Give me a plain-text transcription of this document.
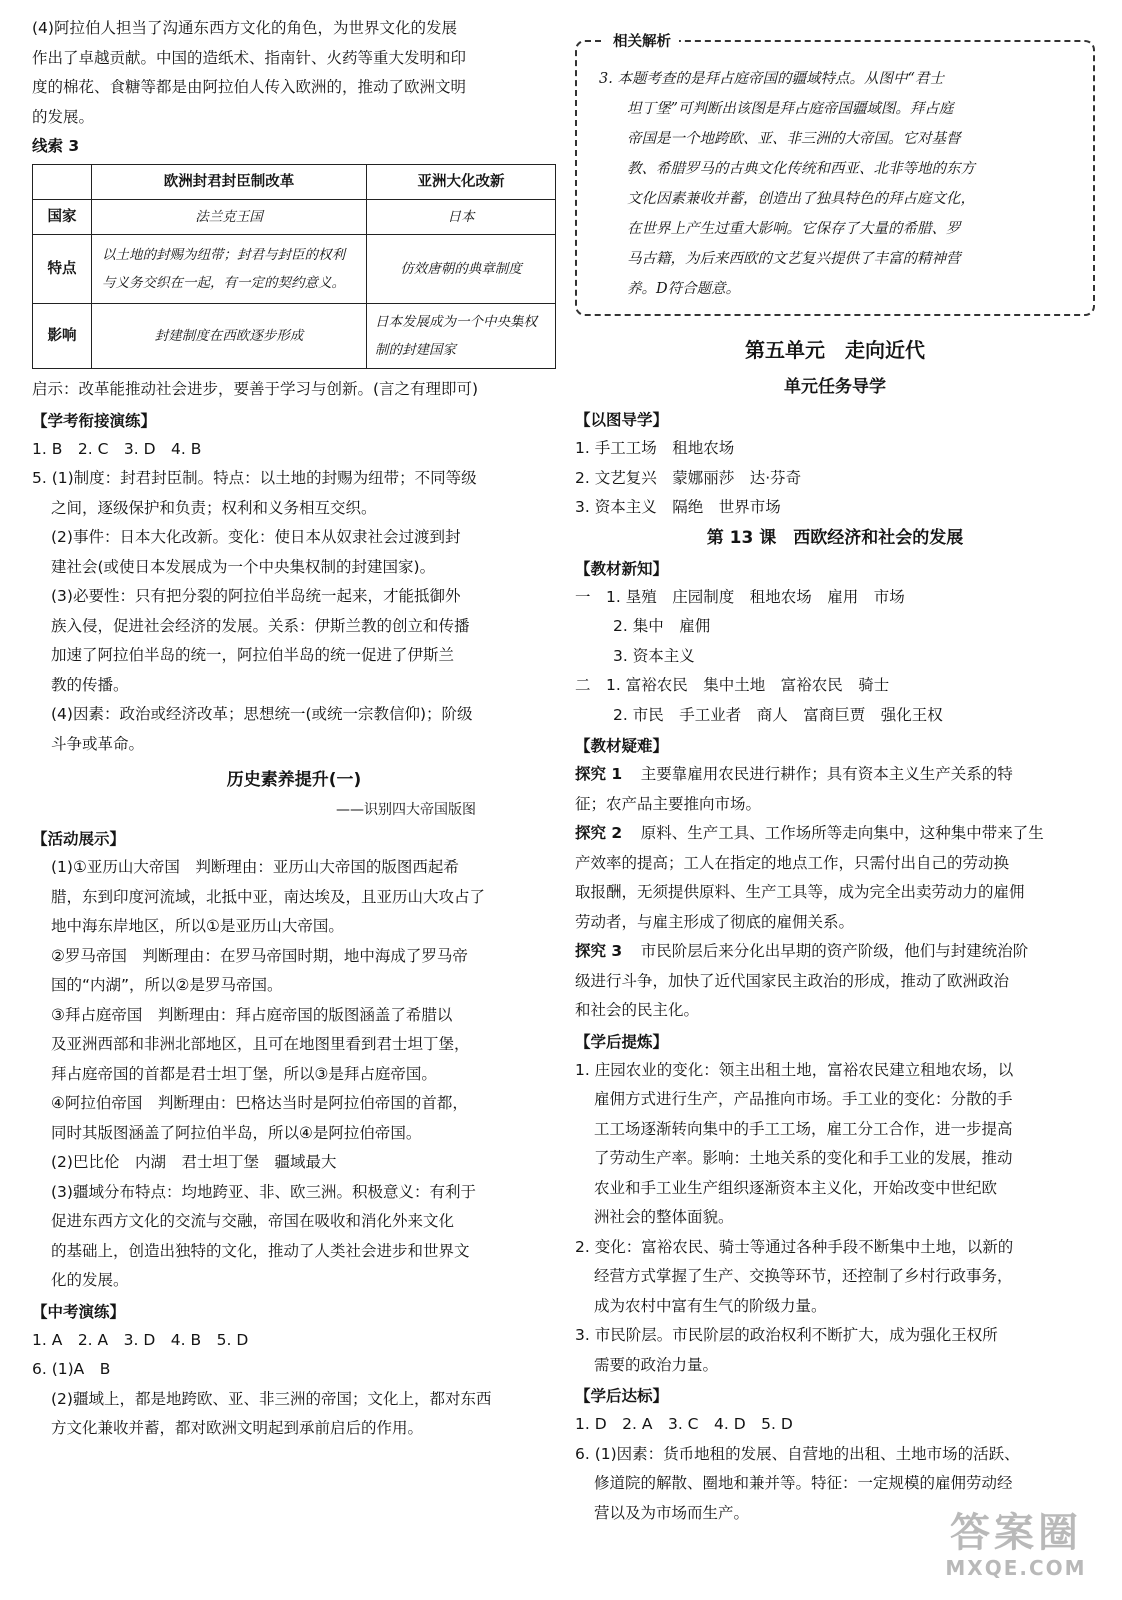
(4)阿拉伯人担当了沟通东西方文化的角色，为世界文化的发展

作出了卓越贡献。中国的造纸术、指南针、火药等重大发明和印

度的棉花、食糖等都是由阿拉伯人传入欧洲的，推动了欧洲文明

的发展。

线索 3

	欧洲封君封臣制改革	亚洲大化改新
国家	法兰克王国	日本
特点	以土地的封赐为纽带；封君与封臣的权利与义务交织在一起，有一定的契约意义。	仿效唐朝的典章制度
影响	封建制度在西欧逐步形成	日本发展成为一个中央集权制的封建国家

启示：改革能推动社会进步，要善于学习与创新。(言之有理即可)

【学考衔接演练】

1. B　2. C　3. D　4. B

5. (1)制度：封君封臣制。特点：以土地的封赐为纽带；不同等级

之间，逐级保护和负责；权利和义务相互交织。

(2)事件：日本大化改新。变化：使日本从奴隶社会过渡到封

建社会(或使日本发展成为一个中央集权制的封建国家)。

(3)必要性：只有把分裂的阿拉伯半岛统一起来，才能抵御外

族入侵，促进社会经济的发展。关系：伊斯兰教的创立和传播

加速了阿拉伯半岛的统一，阿拉伯半岛的统一促进了伊斯兰

教的传播。

(4)因素：政治或经济改革；思想统一(或统一宗教信仰)；阶级

斗争或革命。

历史素养提升(一)

——识别四大帝国版图

【活动展示】

(1)①亚历山大帝国　判断理由：亚历山大帝国的版图西起希

腊，东到印度河流域，北抵中亚，南达埃及，且亚历山大攻占了

地中海东岸地区，所以①是亚历山大帝国。

②罗马帝国　判断理由：在罗马帝国时期，地中海成了罗马帝

国的“内湖”，所以②是罗马帝国。

③拜占庭帝国　判断理由：拜占庭帝国的版图涵盖了希腊以

及亚洲西部和非洲北部地区，且可在地图里看到君士坦丁堡，

拜占庭帝国的首都是君士坦丁堡，所以③是拜占庭帝国。

④阿拉伯帝国　判断理由：巴格达当时是阿拉伯帝国的首都，

同时其版图涵盖了阿拉伯半岛，所以④是阿拉伯帝国。

(2)巴比伦　内湖　君士坦丁堡　疆域最大

(3)疆域分布特点：均地跨亚、非、欧三洲。积极意义：有利于

促进东西方文化的交流与交融，帝国在吸收和消化外来文化

的基础上，创造出独特的文化，推动了人类社会进步和世界文

化的发展。

【中考演练】

1. A　2. A　3. D　4. B　5. D

6. (1)A　B

(2)疆域上，都是地跨欧、亚、非三洲的帝国；文化上，都对东西

方文化兼收并蓄，都对欧洲文明起到承前启后的作用。

相关解析

3. 本题考查的是拜占庭帝国的疆域特点。从图中“君士

坦丁堡”可判断出该图是拜占庭帝国疆域图。拜占庭

帝国是一个地跨欧、亚、非三洲的大帝国。它对基督

教、希腊罗马的古典文化传统和西亚、北非等地的东方

文化因素兼收并蓄，创造出了独具特色的拜占庭文化，

在世界上产生过重大影响。它保存了大量的希腊、罗

马古籍，为后来西欧的文艺复兴提供了丰富的精神营

养。D符合题意。

第五单元　走向近代

单元任务导学

【以图导学】

1. 手工工场　租地农场

2. 文艺复兴　蒙娜丽莎　达·芬奇

3. 资本主义　隔绝　世界市场

第 13 课　西欧经济和社会的发展

【教材新知】

一　1. 垦殖　庄园制度　租地农场　雇用　市场

2. 集中　雇佣

3. 资本主义

二　1. 富裕农民　集中土地　富裕农民　骑士

2. 市民　手工业者　商人　富商巨贾　强化王权

【教材疑难】

探究 1 主要靠雇用农民进行耕作；具有资本主义生产关系的特

征；农产品主要推向市场。

探究 2 原料、生产工具、工作场所等走向集中，这种集中带来了生

产效率的提高；工人在指定的地点工作，只需付出自己的劳动换

取报酬，无须提供原料、生产工具等，成为完全出卖劳动力的雇佣

劳动者，与雇主形成了彻底的雇佣关系。

探究 3 市民阶层后来分化出早期的资产阶级，他们与封建统治阶

级进行斗争，加快了近代国家民主政治的形成，推动了欧洲政治

和社会的民主化。

【学后提炼】

1. 庄园农业的变化：领主出租土地，富裕农民建立租地农场，以

雇佣方式进行生产，产品推向市场。手工业的变化：分散的手

工工场逐渐转向集中的手工工场，雇工分工合作，进一步提高

了劳动生产率。影响：土地关系的变化和手工业的发展，推动

农业和手工业生产组织逐渐资本主义化，开始改变中世纪欧

洲社会的整体面貌。

2. 变化：富裕农民、骑士等通过各种手段不断集中土地，以新的

经营方式掌握了生产、交换等环节，还控制了乡村行政事务，

成为农村中富有生气的阶级力量。

3. 市民阶层。市民阶层的政治权利不断扩大，成为强化王权所

需要的政治力量。

【学后达标】

1. D　2. A　3. C　4. D　5. D

6. (1)因素：货币地租的发展、自营地的出租、土地市场的活跃、

修道院的解散、圈地和兼并等。特征：一定规模的雇佣劳动经

营以及为市场而生产。	答案圈
MXQE.COM
